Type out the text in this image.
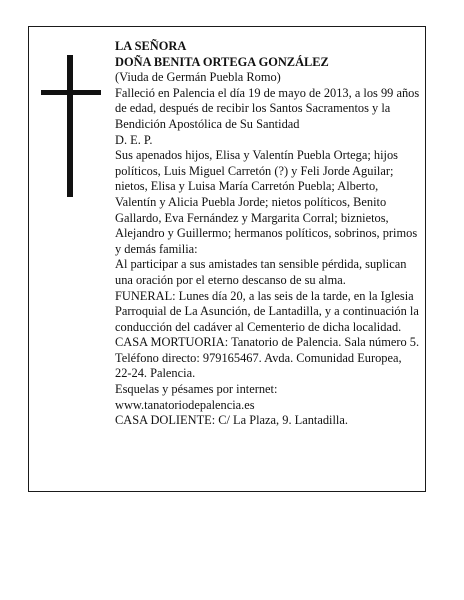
LA SEÑORA

DOÑA BENITA ORTEGA GONZÁLEZ

(Viuda de Germán Puebla Romo)

Falleció en Palencia el día 19 de mayo de 2013, a los 99 años de edad, después de recibir los Santos Sacramentos y la Bendición Apostólica de Su Santidad

D. E. P.

Sus apenados hijos, Elisa y Valentín Puebla Ortega; hijos políticos, Luis Miguel Carretón (?) y Feli Jorde Aguilar; nietos, Elisa y Luisa María Carretón Puebla; Alberto, Valentín y Alicia Puebla Jorde; nietos políticos, Benito Gallardo, Eva Fernández y Margarita Corral; biznietos, Alejandro y Guillermo; hermanos políticos, sobrinos, primos y demás familia:

Al participar a sus amistades tan sensible pérdida, suplican una oración por el eterno descanso de su alma.

FUNERAL: Lunes día 20, a las seis de la tarde, en la Iglesia Parroquial de La Asunción, de Lantadilla, y a continuación la conducción del cadáver al Cementerio de dicha localidad.

CASA MORTUORIA: Tanatorio de Palencia. Sala número 5. Teléfono directo: 979165467. Avda. Comunidad Europea, 22-24. Palencia.

Esquelas y pésames por internet:

www.tanatoriodepalencia.es

CASA DOLIENTE: C/ La Plaza, 9. Lantadilla.
